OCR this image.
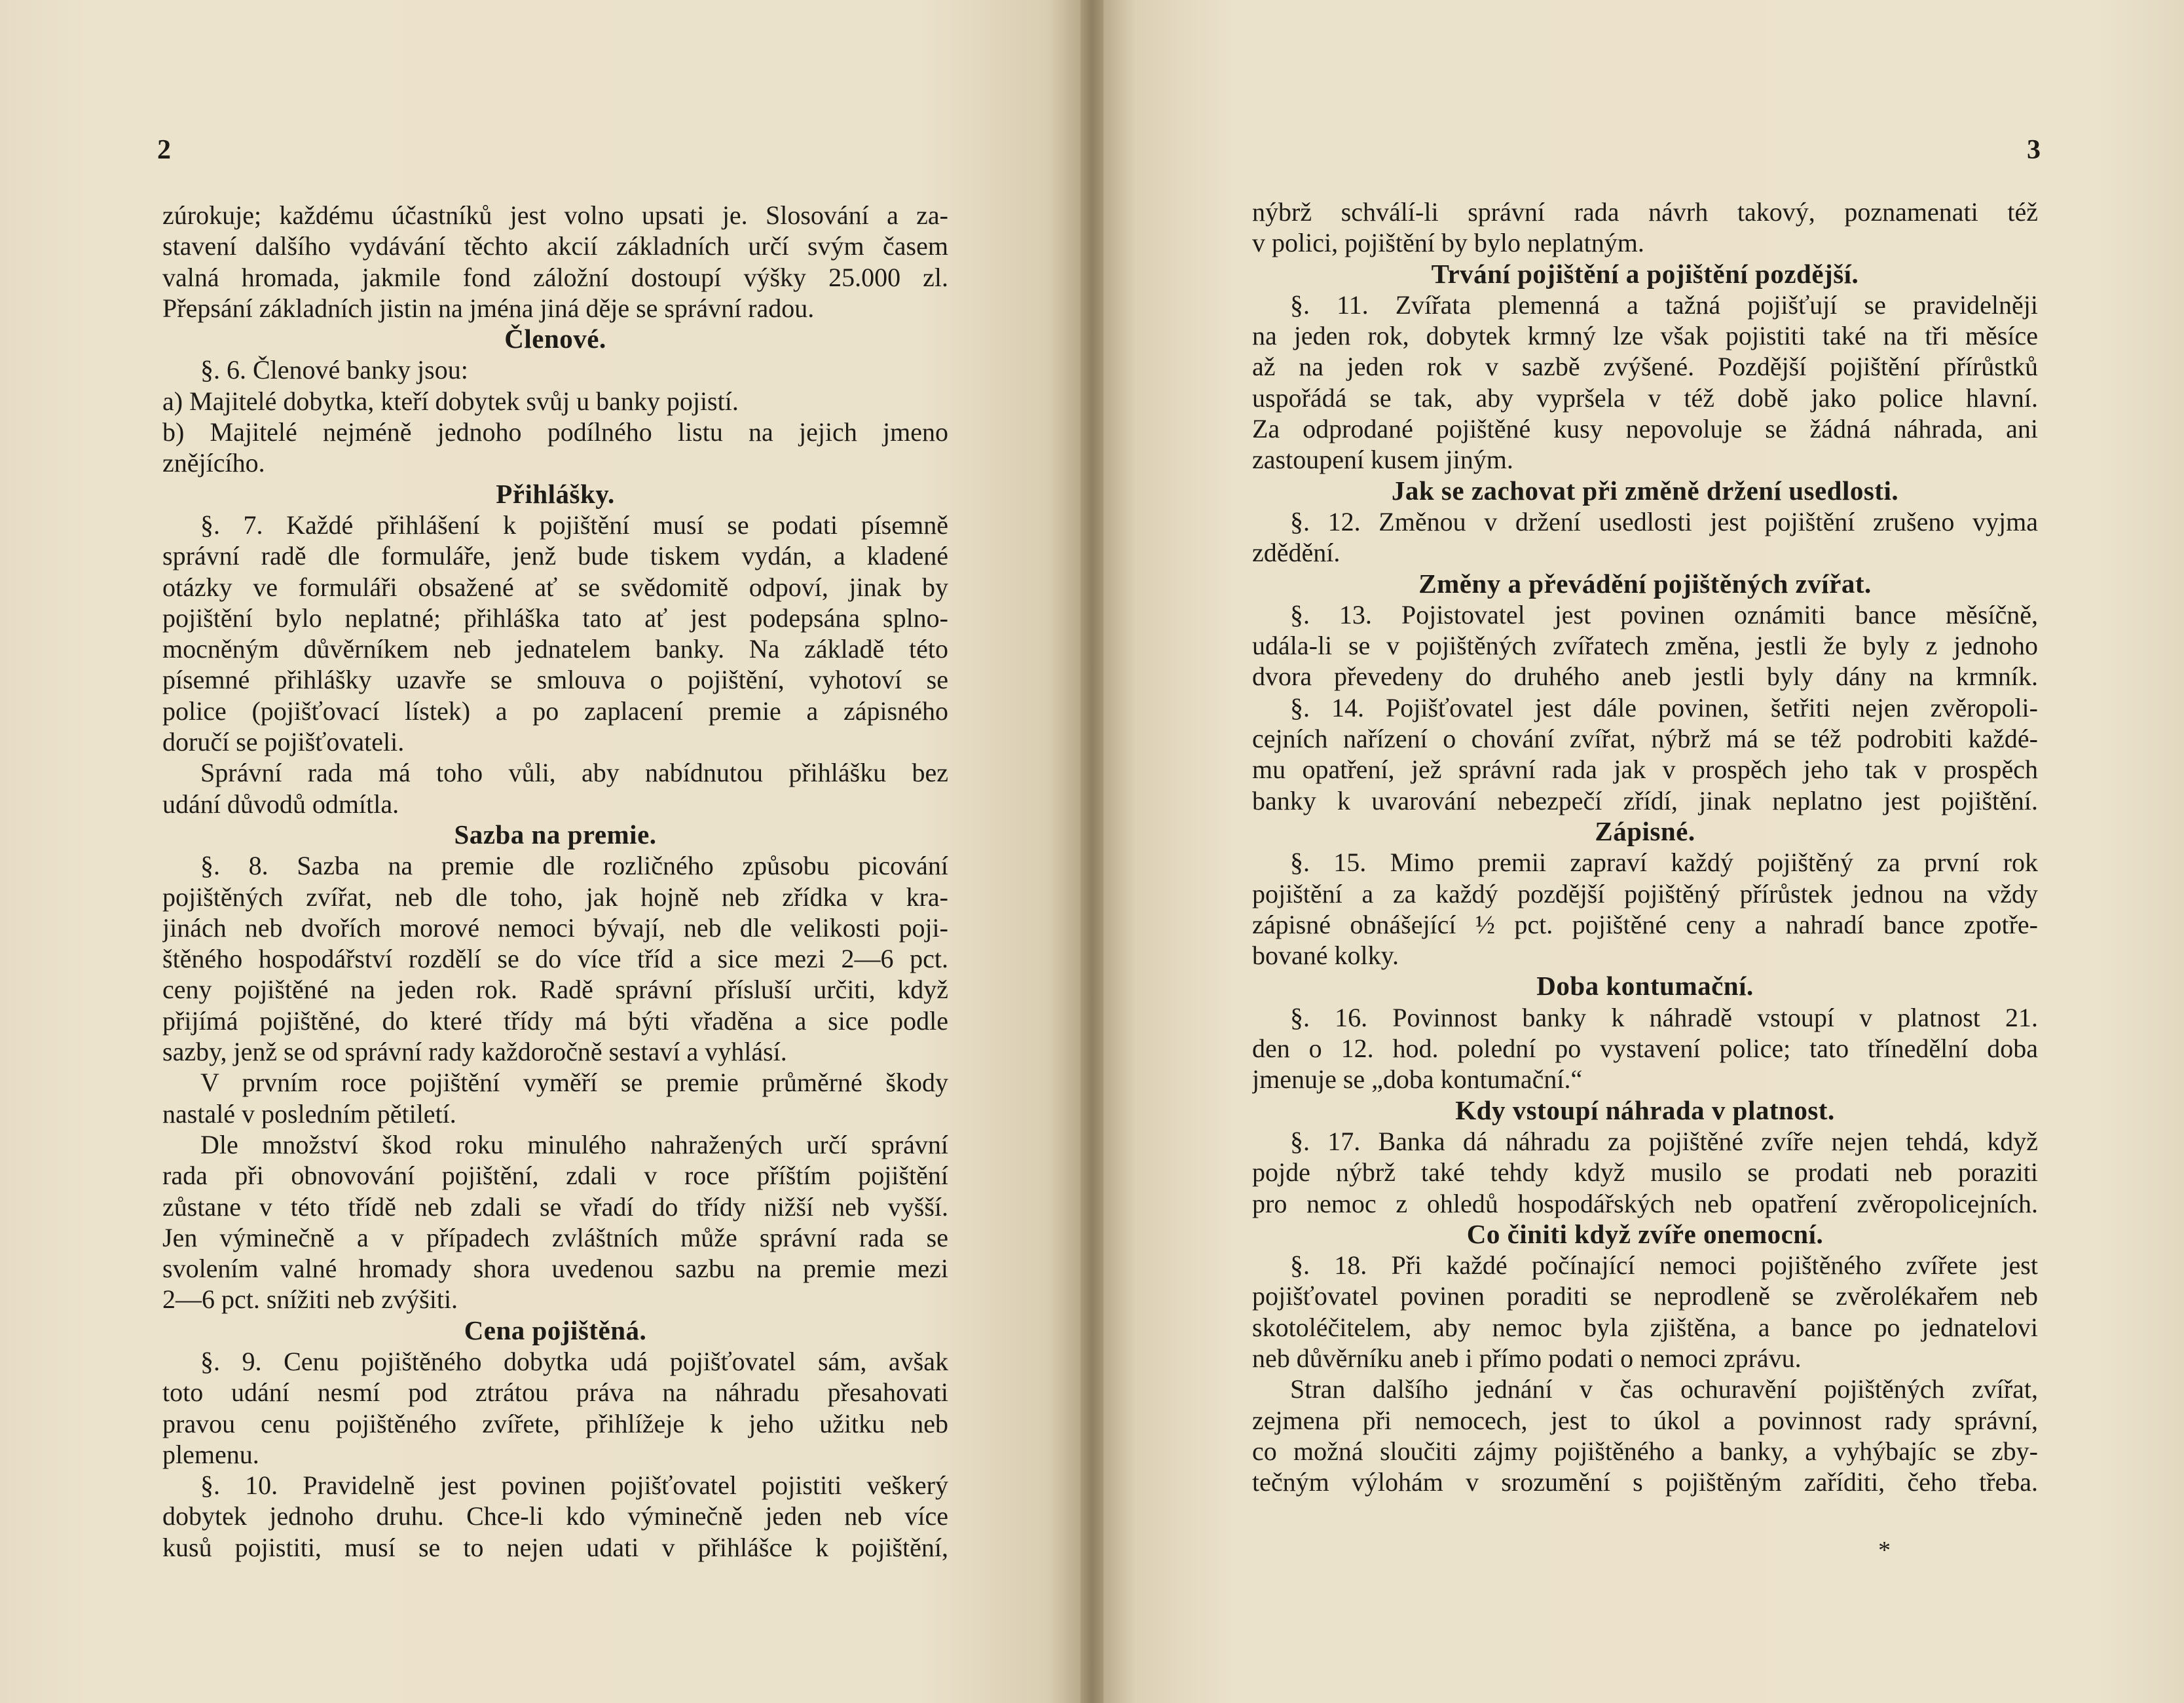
2
zúrokuje; každému účastníků jest volno upsati je. Slosování a za-
stavení dalšího vydávání těchto akcií základních určí svým časem
valná hromada, jakmile fond záložní dostoupí výšky 25.000 zl.
Přepsání základních jistin na jména jiná děje se správní radou.
Členové.
§. 6. Členové banky jsou:
a) Majitelé dobytka, kteří dobytek svůj u banky pojistí.
b) Majitelé nejméně jednoho podílného listu na jejich jmeno
znějícího.
Přihlášky.
§. 7. Každé přihlášení k pojištění musí se podati písemně
správní radě dle formuláře, jenž bude tiskem vydán, a kladené
otázky ve formuláři obsažené ať se svědomitě odpoví, jinak by
pojištění bylo neplatné; přihláška tato ať jest podepsána splno-
mocněným důvěrníkem neb jednatelem banky. Na základě této
písemné přihlášky uzavře se smlouva o pojištění, vyhotoví se
police (pojišťovací lístek) a po zaplacení premie a zápisného
doručí se pojišťovateli.
Správní rada má toho vůli, aby nabídnutou přihlášku bez
udání důvodů odmítla.
Sazba na premie.
§. 8. Sazba na premie dle rozličného způsobu picování
pojištěných zvířat, neb dle toho, jak hojně neb zřídka v kra-
jinách neb dvořích morové nemoci bývají, neb dle velikosti poji-
štěného hospodářství rozdělí se do více tříd a sice mezi 2—6 pct.
ceny pojištěné na jeden rok. Radě správní přísluší určiti, když
přijímá pojištěné, do které třídy má býti vřaděna a sice podle
sazby, jenž se od správní rady každoročně sestaví a vyhlásí.
V prvním roce pojištění vyměří se premie průměrné škody
nastalé v posledním pětiletí.
Dle množství škod roku minulého nahražených určí správní
rada při obnovování pojištění, zdali v roce příštím pojištění
zůstane v této třídě neb zdali se vřadí do třídy nižší neb vyšší.
Jen výminečně a v případech zvláštních může správní rada se
svolením valné hromady shora uvedenou sazbu na premie mezi
2—6 pct. snížiti neb zvýšiti.
Cena pojištěná.
§. 9. Cenu pojištěného dobytka udá pojišťovatel sám, avšak
toto udání nesmí pod ztrátou práva na náhradu přesahovati
pravou cenu pojištěného zvířete, přihlížeje k jeho užitku neb
plemenu.
§. 10. Pravidelně jest povinen pojišťovatel pojistiti veškerý
dobytek jednoho druhu. Chce-li kdo výminečně jeden neb více
kusů pojistiti, musí se to nejen udati v přihlášce k pojištění,
3
nýbrž schválí-li správní rada návrh takový, poznamenati též
v polici, pojištění by bylo neplatným.
Trvání pojištění a pojištění pozdější.
§. 11. Zvířata plemenná a tažná pojišťují se pravidelněji
na jeden rok, dobytek krmný lze však pojistiti také na tři měsíce
až na jeden rok v sazbě zvýšené. Pozdější pojištění přírůstků
uspořádá se tak, aby vypršela v též době jako police hlavní.
Za odprodané pojištěné kusy nepovoluje se žádná náhrada, ani
zastoupení kusem jiným.
Jak se zachovat při změně držení usedlosti.
§. 12. Změnou v držení usedlosti jest pojištění zrušeno vyjma
zdědění.
Změny a převádění pojištěných zvířat.
§. 13. Pojistovatel jest povinen oznámiti bance měsíčně,
udála-li se v pojištěných zvířatech změna, jestli že byly z jednoho
dvora převedeny do druhého aneb jestli byly dány na krmník.
§. 14. Pojišťovatel jest dále povinen, šetřiti nejen zvěropoli-
cejních nařízení o chování zvířat, nýbrž má se též podrobiti každé-
mu opatření, jež správní rada jak v prospěch jeho tak v prospěch
banky k uvarování nebezpečí zřídí, jinak neplatno jest pojištění.
Zápisné.
§. 15. Mimo premii zapraví každý pojištěný za první rok
pojištění a za každý pozdější pojištěný přírůstek jednou na vždy
zápisné obnášející ½ pct. pojištěné ceny a nahradí bance zpotře-
bované kolky.
Doba kontumační.
§. 16. Povinnost banky k náhradě vstoupí v platnost 21.
den o 12. hod. polední po vystavení police; tato třínedělní doba
jmenuje se „doba kontumační.“
Kdy vstoupí náhrada v platnost.
§. 17. Banka dá náhradu za pojištěné zvíře nejen tehdá, když
pojde nýbrž také tehdy když musilo se prodati neb poraziti
pro nemoc z ohledů hospodářských neb opatření zvěropolicejních.
Co činiti když zvíře onemocní.
§. 18. Při každé počínající nemoci pojištěného zvířete jest
pojišťovatel povinen poraditi se neprodleně se zvěrolékařem neb
skotoléčitelem, aby nemoc byla zjištěna, a bance po jednatelovi
neb důvěrníku aneb i přímo podati o nemoci zprávu.
Stran dalšího jednání v čas ochuravění pojištěných zvířat,
zejmena při nemocech, jest to úkol a povinnost rady správní,
co možná sloučiti zájmy pojištěného a banky, a vyhýbajíc se zby-
tečným výlohám v srozumění s pojištěným zaříditi, čeho třeba.
*
